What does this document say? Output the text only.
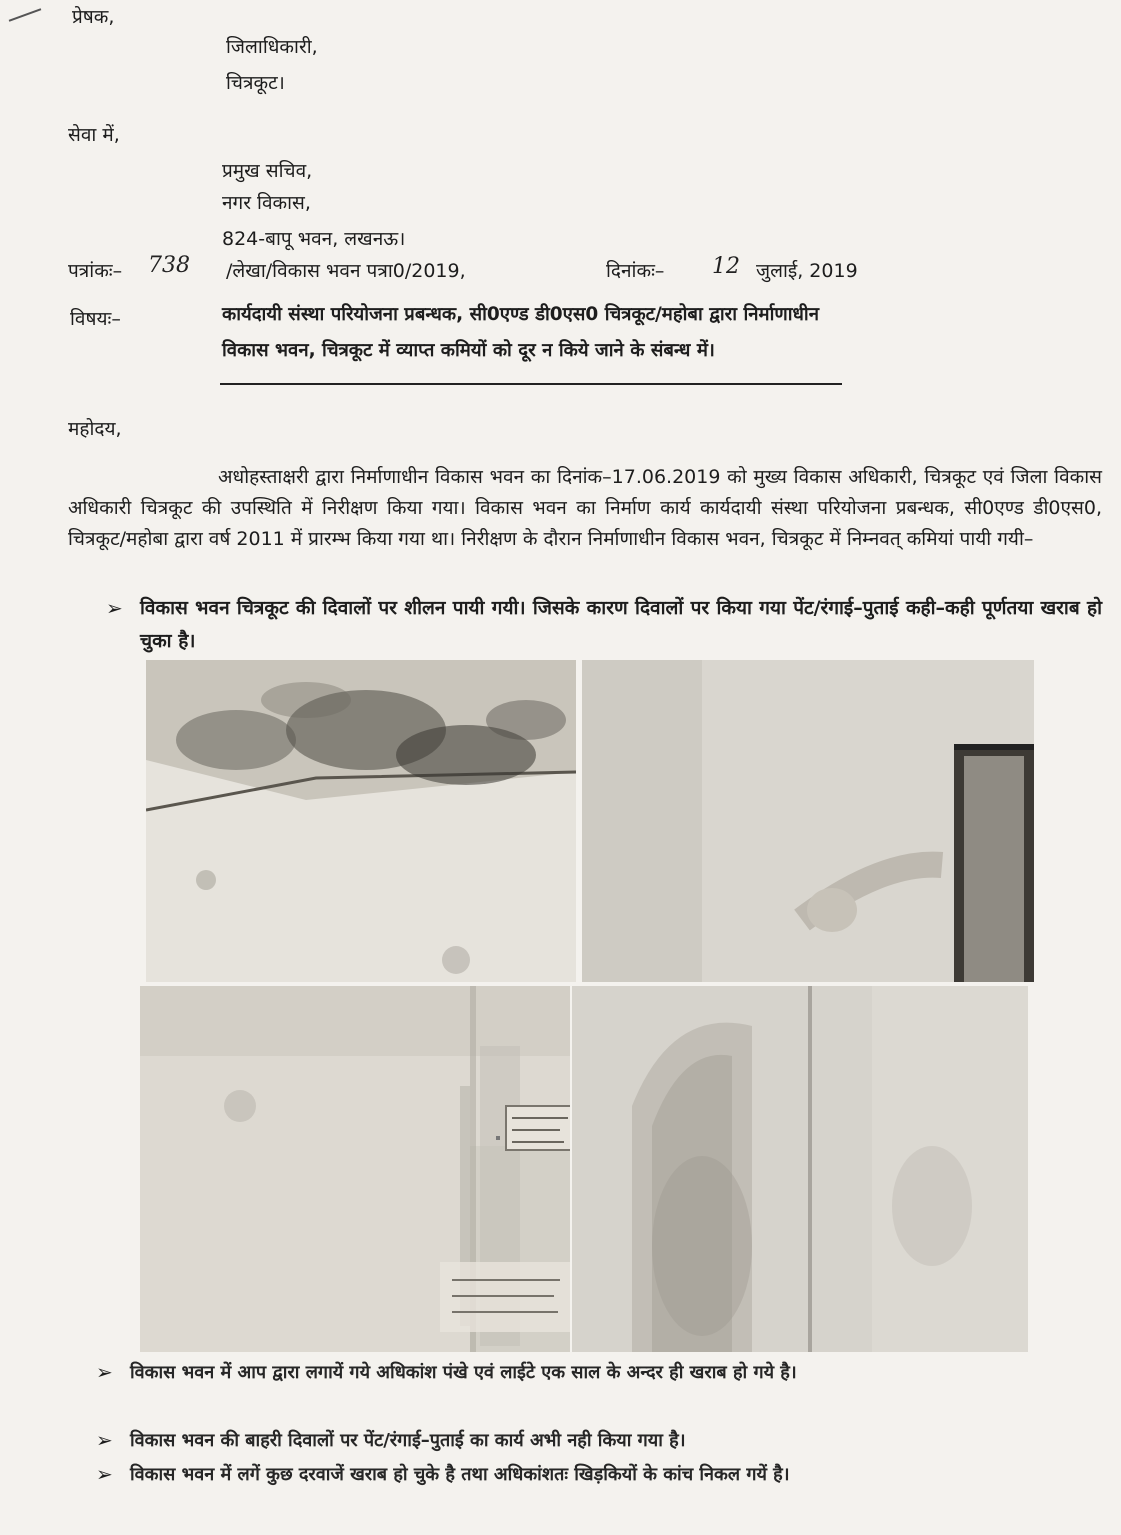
प्रेषक,
जिलाधिकारी,
चित्रकूट।
सेवा में,
प्रमुख सचिव,
नगर विकास,
824-बापू भवन, लखनऊ।
पत्रांकः– 738 /लेखा/विकास भवन पत्रा0/2019,	दिनांकः– 12 जुलाई, 2019
विषयः–	कार्यदायी संस्था परियोजना प्रबन्धक, सी0एण्ड डी0एस0 चित्रकूट/महोबा द्वारा निर्माणाधीन
विकास भवन, चित्रकूट में व्याप्त कमियों को दूर न किये जाने के संबन्ध में।
महोदय,
अधोहस्ताक्षरी द्वारा निर्माणाधीन विकास भवन का दिनांक–17.06.2019 को मुख्य विकास अधिकारी, चित्रकूट एवं जिला विकास अधिकारी चित्रकूट की उपस्थिति में निरीक्षण किया गया। विकास भवन का निर्माण कार्य कार्यदायी संस्था परियोजना प्रबन्धक, सी0एण्ड डी0एस0, चित्रकूट/महोबा द्वारा वर्ष 2011 में प्रारम्भ किया गया था। निरीक्षण के दौरान निर्माणाधीन विकास भवन, चित्रकूट में निम्नवत् कमियां पायी गयी–
➢ विकास भवन चित्रकूट की दिवालों पर शीलन पायी गयी। जिसके कारण दिवालों पर किया गया पेंट/रंगाई–पुताई कही–कही पूर्णतया खराब हो चुका है।
➢ विकास भवन में आप द्वारा लगायें गये अधिकांश पंखे एवं लाईटे एक साल के अन्दर ही खराब हो गये है।
➢ विकास भवन की बाहरी दिवालों पर पेंट/रंगाई–पुताई का कार्य अभी नही किया गया है।
➢ विकास भवन में लगें कुछ दरवाजें खराब हो चुके है तथा अधिकांशतः खिड़कियों के कांच निकल गयें है।
